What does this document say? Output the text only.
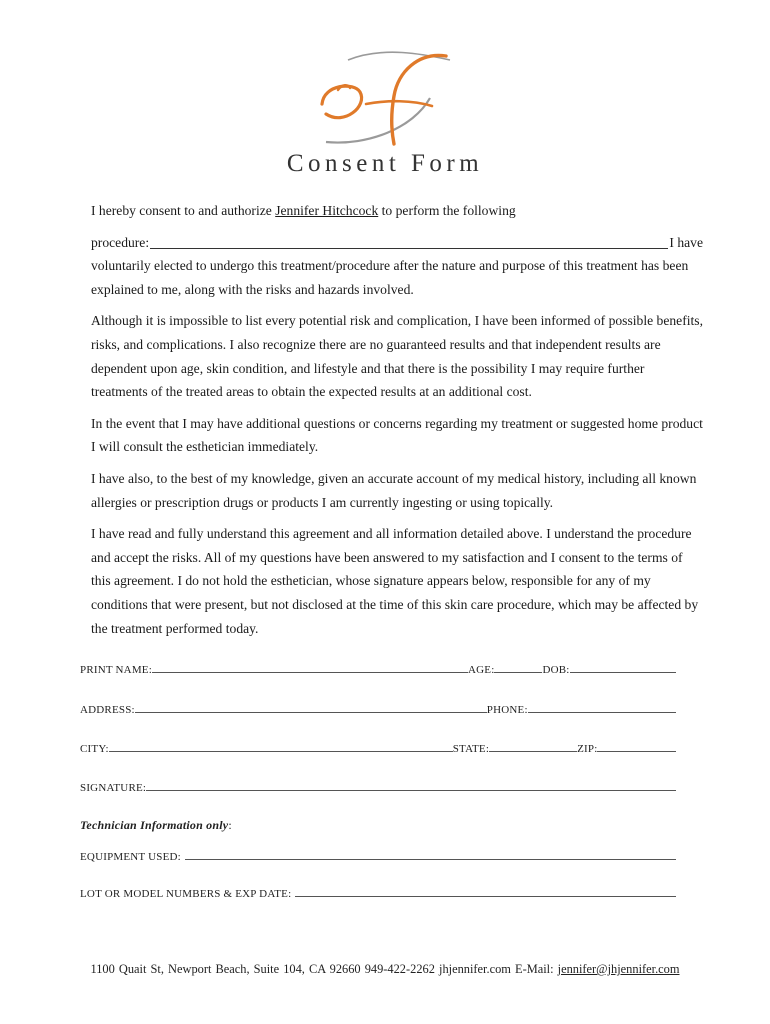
Consent Form

I hereby consent to and authorize Jennifer Hitchcock to perform the following

procedure:	I have

voluntarily elected to undergo this treatment/procedure after the nature and purpose of this treatment has been explained to me, along with the risks and hazards involved.

Although it is impossible to list every potential risk and complication, I have been informed of possible benefits, risks, and complications. I also recognize there are no guaranteed results and that independent results are dependent upon age, skin condition, and lifestyle and that there is the possibility I may require further treatments of the treated areas to obtain the expected results at an additional cost.

In the event that I may have additional questions or concerns regarding my treatment or suggested home product I will consult the esthetician immediately.

I have also, to the best of my knowledge, given an accurate account of my medical history, including all known allergies or prescription drugs or products I am currently ingesting or using topically.

I have read and fully understand this agreement and all information detailed above. I understand the procedure and accept the risks. All of my questions have been answered to my satisfaction and I consent to the terms of this agreement. I do not hold the esthetician, whose signature appears below, responsible for any of my conditions that were present, but not disclosed at the time of this skin care procedure, which may be affected by the treatment performed today.

PRINT NAME:	AGE:	DOB:
ADDRESS:	PHONE:
CITY:	STATE:	ZIP:
SIGNATURE:
Technician Information only:
EQUIPMENT USED:
LOT OR MODEL NUMBERS & EXP DATE:
1100 Quait St, Newport Beach, Suite 104, CA 92660 949-422-2262 jhjennifer.com E-Mail: jennifer@jhjennifer.com
